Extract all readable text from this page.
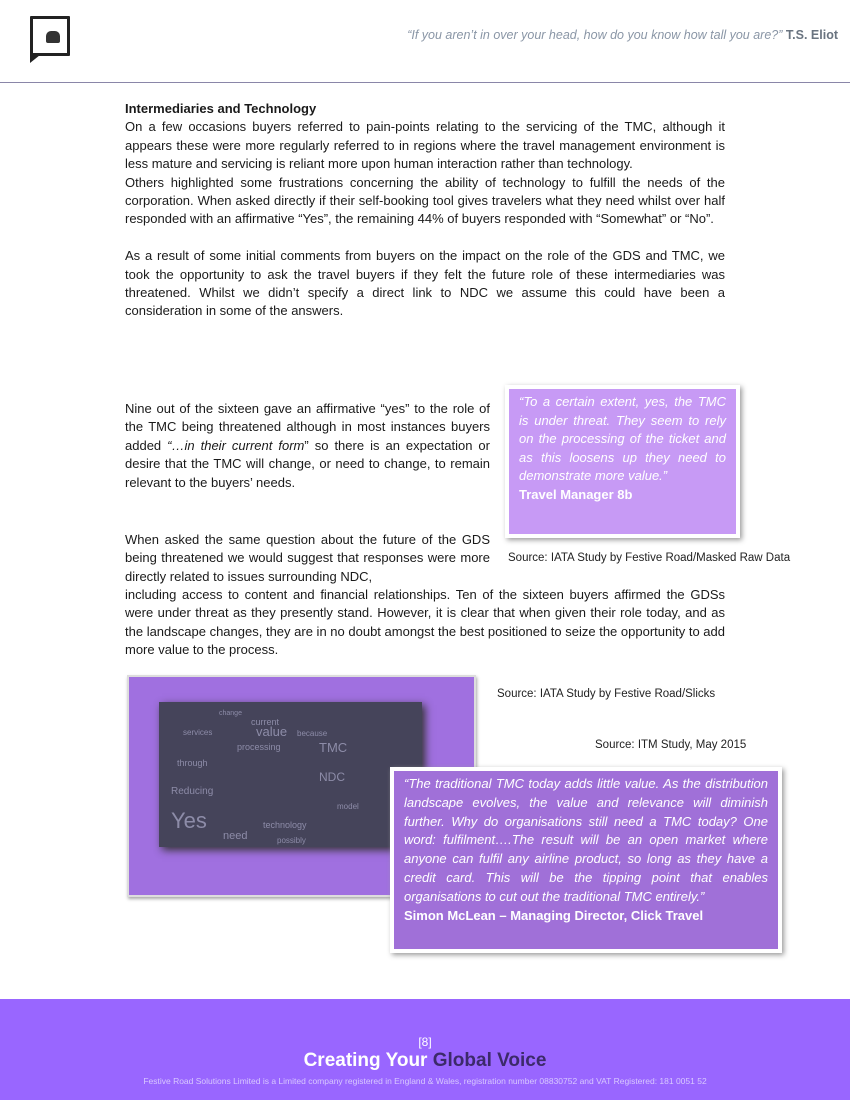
“If you aren’t in over your head, how do you know how tall you are?” T.S. Eliot
Intermediaries and Technology

On a few occasions buyers referred to pain-points relating to the servicing of the TMC, although it appears these were more regularly referred to in regions where the travel management environment is less mature and servicing is reliant more upon human interaction rather than technology.

Others highlighted some frustrations concerning the ability of technology to fulfill the needs of the corporation. When asked directly if their self-booking tool gives travelers what they need whilst over half responded with an affirmative “Yes”, the remaining 44% of buyers responded with “Somewhat” or “No”.

As a result of some initial comments from buyers on the impact on the role of the GDS and TMC, we took the opportunity to ask the travel buyers if they felt the future role of these intermediaries was threatened. Whilst we didn’t specify a direct link to NDC we assume this could have been a consideration in some of the answers.

Nine out of the sixteen gave an affirmative “yes” to the role of the TMC being threatened although in most instances buyers added “…in their current form” so there is an expectation or desire that the TMC will change, or need to change, to remain relevant to the buyers’ needs.
When asked the same question about the future of the GDS being threatened we would suggest that responses were more directly related to issues surrounding NDC,
including access to content and financial relationships. Ten of the sixteen buyers affirmed the GDSs were under threat as they presently stand. However, it is clear that when given their role today, and as the landscape changes, they are in no doubt amongst the best positioned to seize the opportunity to add more value to the process.
“To a certain extent, yes, the TMC is under threat. They seem to rely on the processing of the ticket and as this loosens up they need to demonstrate more value.”
Travel Manager 8b
Source: IATA Study by Festive Road/Masked Raw Data
change
current
services	value because
processing	TMC
through
NDC
Reducing
Yes	technology
need
model
possibly
Source: IATA Study by Festive Road/Slicks
Source: ITM Study, May 2015
“The traditional TMC today adds little value. As the distribution landscape evolves, the value and relevance will diminish further. Why do organisations still need a TMC today? One word: fulfilment….The result will be an open market where anyone can fulfil any airline product, so long as they have a credit card. This will be the tipping point that enables organisations to cut out the traditional TMC entirely.”
Simon McLean – Managing Director, Click Travel
[8]
Creating Your Global Voice
Festive Road Solutions Limited is a Limited company registered in England & Wales, registration number 08830752 and VAT Registered: 181 0051 52
